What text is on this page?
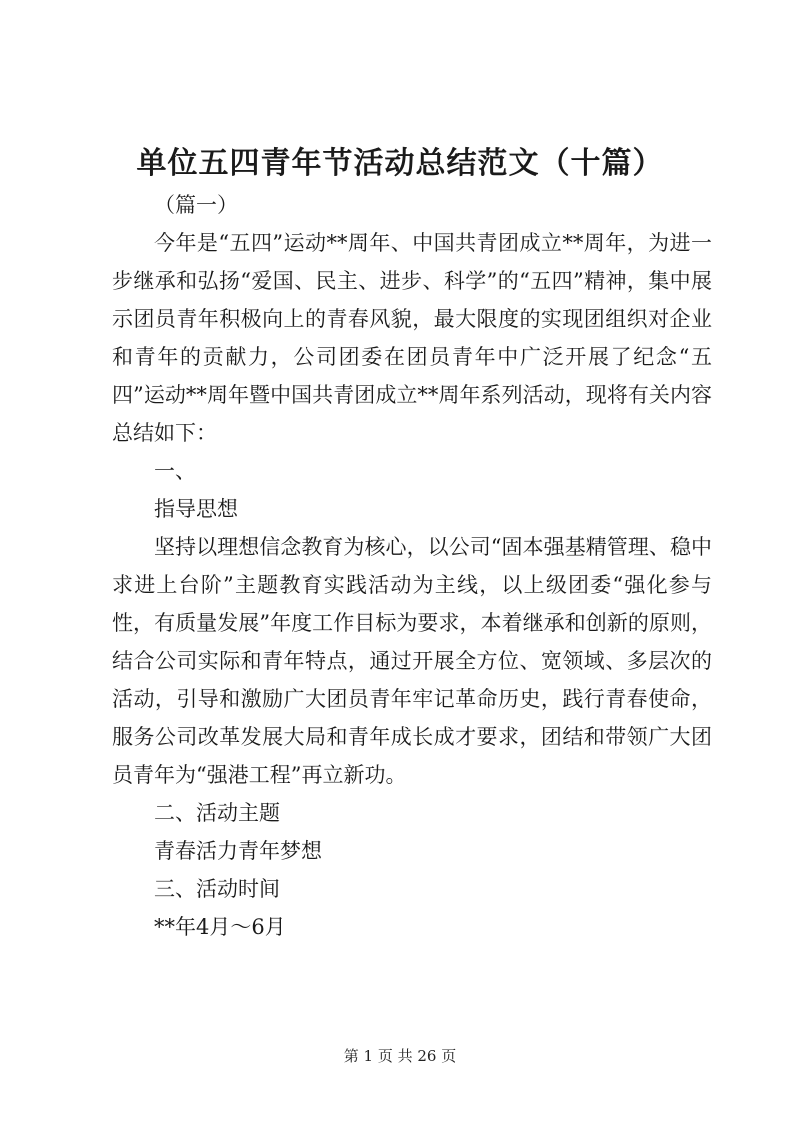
单位五四青年节活动总结范文（十篇）

（篇一）

今年是“五四”运动**周年、中国共青团成立**周年，为进一步继承和弘扬“爱国、民主、进步、科学”的“五四”精神，集中展示团员青年积极向上的青春风貌，最大限度的实现团组织对企业和青年的贡献力，公司团委在团员青年中广泛开展了纪念“五四”运动**周年暨中国共青团成立**周年系列活动，现将有关内容总结如下：

一、

指导思想

坚持以理想信念教育为核心，以公司“固本强基精管理、稳中求进上台阶”主题教育实践活动为主线，以上级团委“强化参与性，有质量发展”年度工作目标为要求，本着继承和创新的原则，结合公司实际和青年特点，通过开展全方位、宽领域、多层次的活动，引导和激励广大团员青年牢记革命历史，践行青春使命，服务公司改革发展大局和青年成长成才要求，团结和带领广大团员青年为“强港工程”再立新功。

二、活动主题

青春活力青年梦想

三、活动时间

**年4月～6月

第 1 页 共 26 页
